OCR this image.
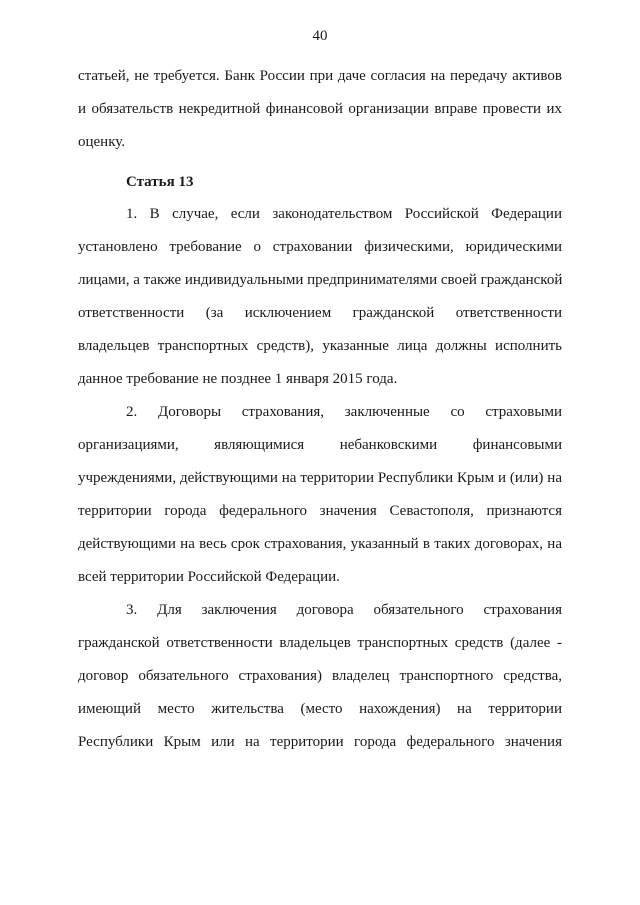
40
статьей, не требуется. Банк России при даче согласия на передачу активов
и обязательств некредитной финансовой организации вправе провести их
оценку.
Статья 13
1. В случае, если законодательством Российской Федерации
установлено требование о страховании физическими, юридическими
лицами, а также индивидуальными предпринимателями своей гражданской
ответственности (за исключением гражданской ответственности
владельцев транспортных средств), указанные лица должны исполнить
данное требование не позднее 1 января 2015 года.
2. Договоры страхования, заключенные со страховыми
организациями, являющимися небанковскими финансовыми
учреждениями, действующими на территории Республики Крым и (или) на
территории города федерального значения Севастополя, признаются
действующими на весь срок страхования, указанный в таких договорах, на
всей территории Российской Федерации.
3. Для заключения договора обязательного страхования
гражданской ответственности владельцев транспортных средств (далее -
договор обязательного страхования) владелец транспортного средства,
имеющий место жительства (место нахождения) на территории
Республики Крым или на территории города федерального значения
